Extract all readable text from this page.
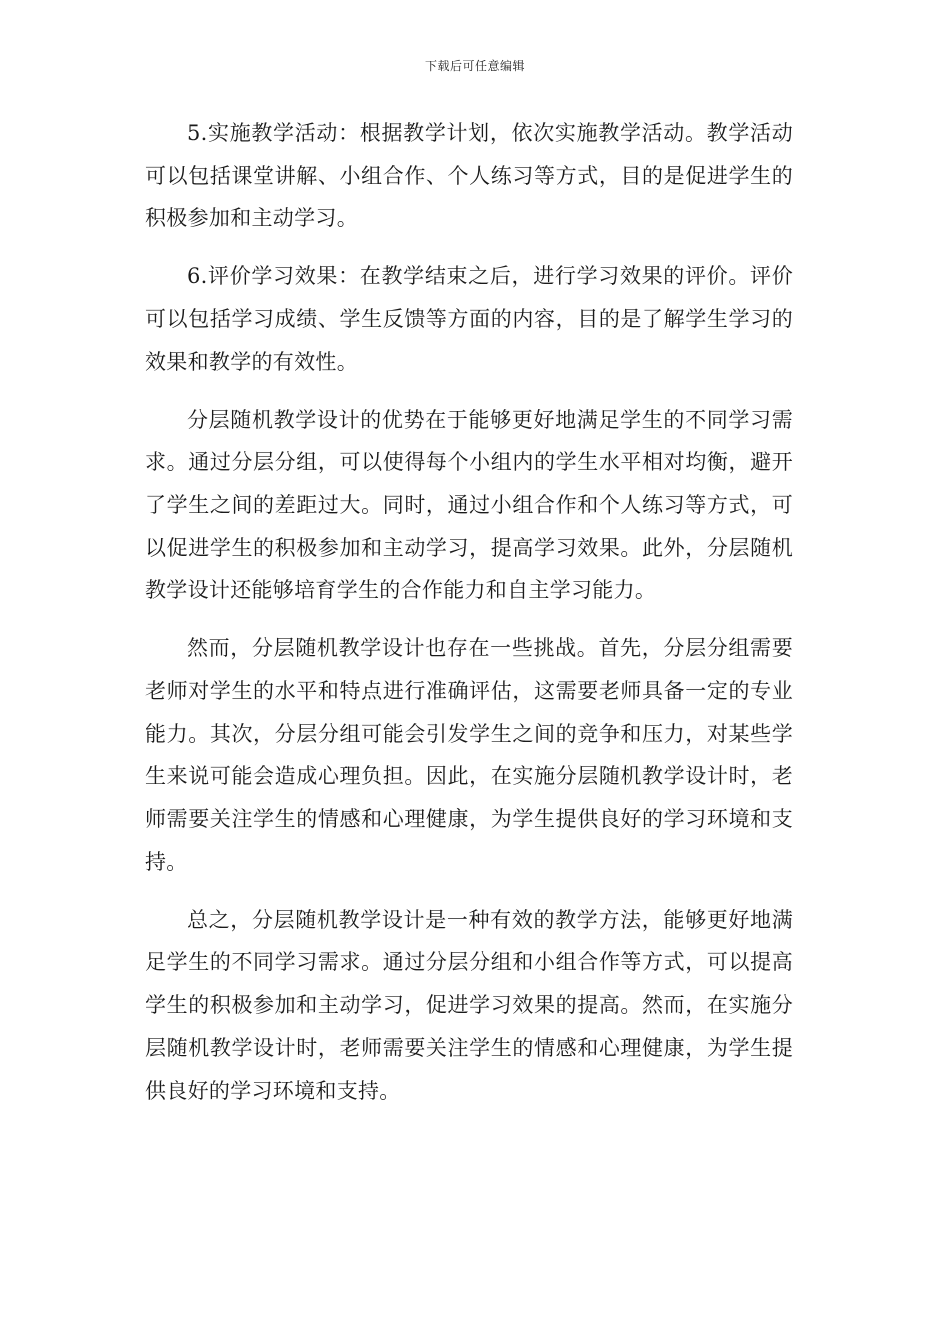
下载后可任意编辑

5.实施教学活动：根据教学计划，依次实施教学活动。教学活动可以包括课堂讲解、小组合作、个人练习等方式，目的是促进学生的积极参加和主动学习。

6.评价学习效果：在教学结束之后，进行学习效果的评价。评价可以包括学习成绩、学生反馈等方面的内容，目的是了解学生学习的效果和教学的有效性。

分层随机教学设计的优势在于能够更好地满足学生的不同学习需求。通过分层分组，可以使得每个小组内的学生水平相对均衡，避开了学生之间的差距过大。同时，通过小组合作和个人练习等方式，可以促进学生的积极参加和主动学习，提高学习效果。此外，分层随机教学设计还能够培育学生的合作能力和自主学习能力。

然而，分层随机教学设计也存在一些挑战。首先，分层分组需要老师对学生的水平和特点进行准确评估，这需要老师具备一定的专业能力。其次，分层分组可能会引发学生之间的竞争和压力，对某些学生来说可能会造成心理负担。因此，在实施分层随机教学设计时，老师需要关注学生的情感和心理健康，为学生提供良好的学习环境和支持。

总之，分层随机教学设计是一种有效的教学方法，能够更好地满足学生的不同学习需求。通过分层分组和小组合作等方式，可以提高学生的积极参加和主动学习，促进学习效果的提高。然而，在实施分层随机教学设计时，老师需要关注学生的情感和心理健康，为学生提供良好的学习环境和支持。
